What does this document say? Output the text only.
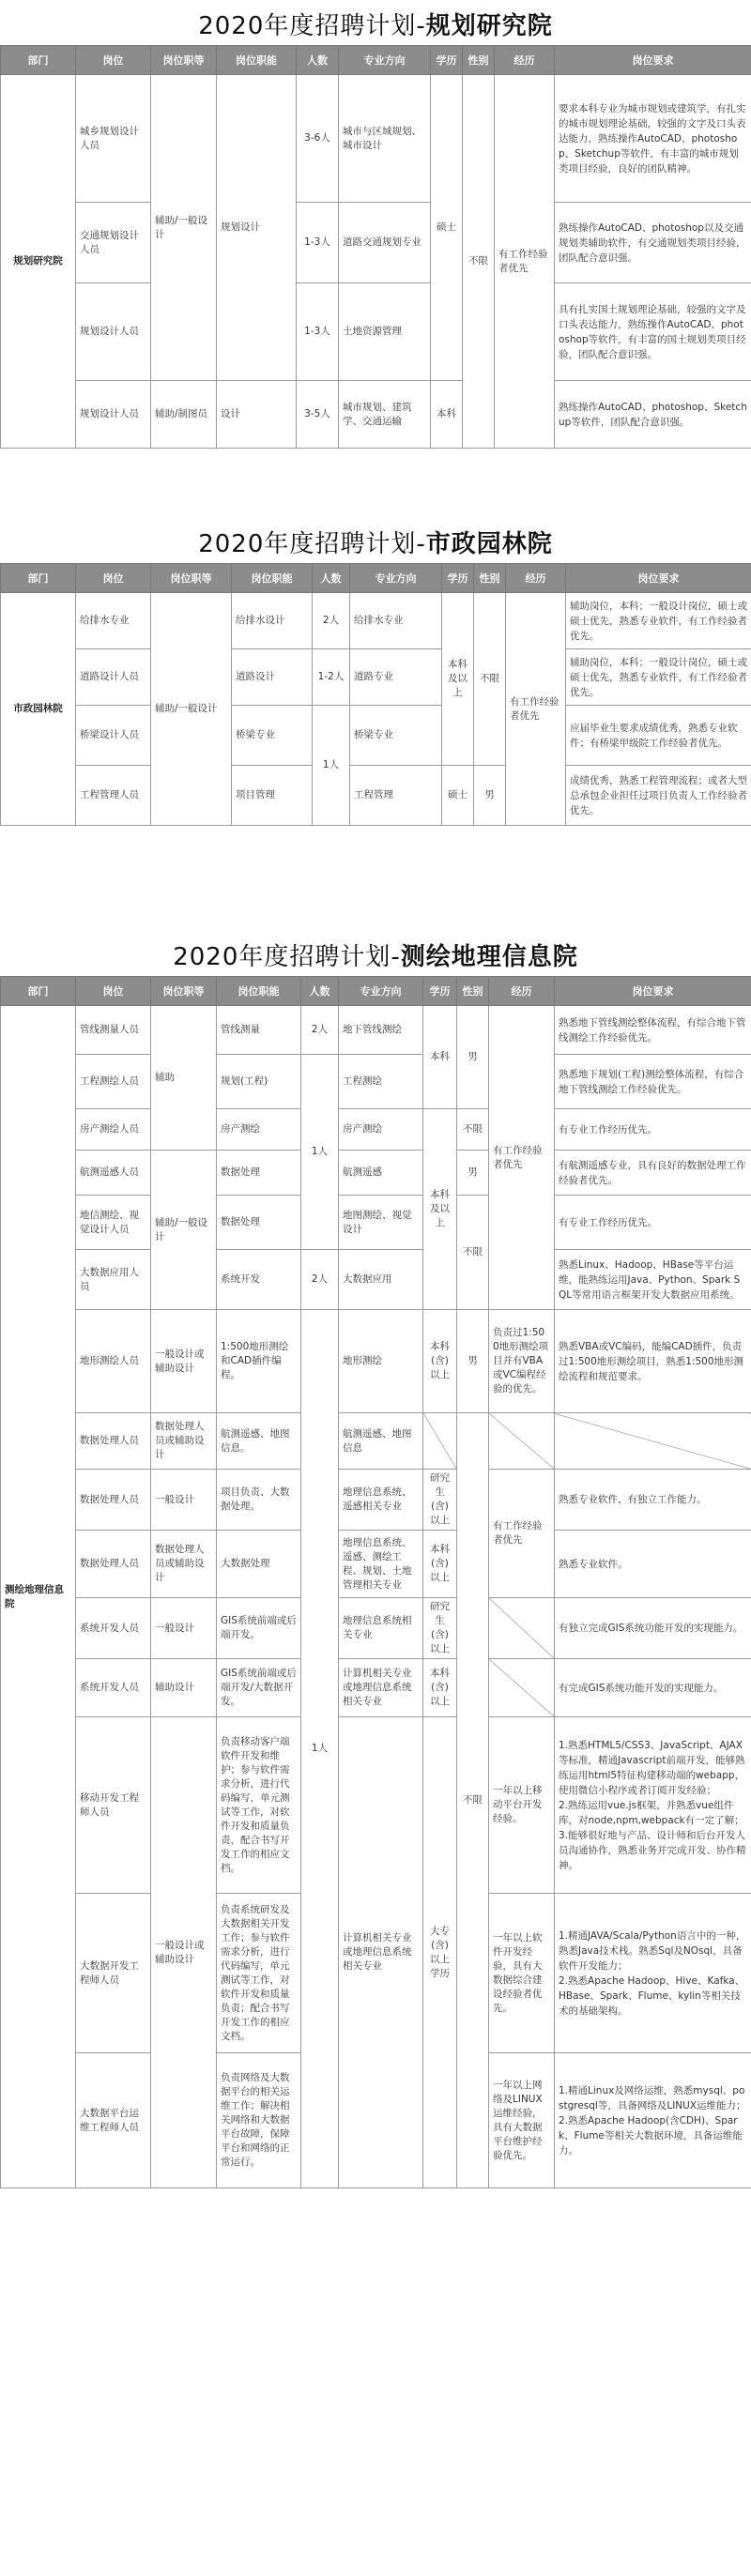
2020年度招聘计划-规划研究院
部门	岗位	岗位职等	岗位职能	人数	专业方向	学历	性别	经历	岗位要求
规划研究院	城乡规划设计人员	辅助/一般设计	规划设计	3-6人	城市与区域规划、城市设计	硕士	不限	有工作经验者优先	要求本科专业为城市规划或建筑学，有扎实的城市规划理论基础，较强的文字及口头表达能力，熟练操作AutoCAD、photoshop、Sketchup等软件，有丰富的城市规划类项目经验，良好的团队精神。
	交通规划设计人员			1-3人	道路交通规划专业				熟练操作AutoCAD、photoshop以及交通规划类辅助软件，有交通规划类项目经验，团队配合意识强。
	规划设计人员			1-3人	土地资源管理				具有扎实国土规划理论基础，较强的文字及口头表达能力，熟练操作AutoCAD、photoshop等软件，有丰富的国土规划类项目经验，团队配合意识强。
	规划设计人员	辅助/制图员	设计	3-5人	城市规划、建筑学、交通运输	本科			熟练操作AutoCAD、photoshop、Sketchup等软件，团队配合意识强。
2020年度招聘计划-市政园林院
部门	岗位	岗位职等	岗位职能	人数	专业方向	学历	性别	经历	岗位要求
市政园林院	给排水专业	辅助/一般设计	给排水设计	2人	给排水专业	本科及以上	不限	有工作经验者优先	辅助岗位，本科；一般设计岗位，硕士或硕士优先，熟悉专业软件，有工作经验者优先。
	道路设计人员		道路设计	1-2人	道路专业				辅助岗位，本科；一般设计岗位，硕士或硕士优先，熟悉专业软件，有工作经验者优先。
	桥梁设计人员		桥梁专业	1人	桥梁专业				应届毕业生要求成绩优秀，熟悉专业软件；有桥梁甲级院工作经验者优先。
	工程管理人员		项目管理		工程管理	硕士	男		成绩优秀，熟悉工程管理流程；或者大型总承包企业担任过项目负责人工作经验者优先。
2020年度招聘计划-测绘地理信息院
部门	岗位	岗位职等	岗位职能	人数	专业方向	学历	性别	经历	岗位要求
测绘地理信息院	管线测量人员	辅助	管线测量	2人	地下管线测绘	本科	男	有工作经验者优先	熟悉地下管线测绘整体流程，有综合地下管线测绘工作经验优先。
	工程测绘人员		规划(工程)	1人	工程测绘				熟悉地下规划(工程)测绘整体流程，有综合地下管线测绘工作经验优先。
	房产测绘人员		房产测绘		房产测绘	本科及以上	不限		有专业工作经历优先。
	航测遥感人员	辅助/一般设计	数据处理		航测遥感		男		有航测遥感专业，具有良好的数据处理工作经验者优先。
	地信测绘、视觉设计人员		数据处理		地图测绘、视觉设计		不限		有专业工作经历优先。
	大数据应用人员		系统开发	2人	大数据应用				熟悉Linux、Hadoop、HBase等平台运维，能熟练运用Java、Python、Spark SQL等常用语言框架开发大数据应用系统。
	地形测绘人员	一般设计或辅助设计	1:500地形测绘和CAD插件编程。	1人	地形测绘	本科(含)以上	男	负责过1:500地形测绘项目并有VBA或VC编程经验的优先。	熟悉VBA或VC编码，能编CAD插件，负责过1:500地形测绘项目，熟悉1:500地形测绘流程和规范要求。
	数据处理人员	数据处理人员或辅助设计	航测遥感、地图信息。		航测遥感、地图信息		不限		
	数据处理人员	一般设计	项目负责、大数据处理。		地理信息系统、遥感相关专业	研究生(含)以上		有工作经验者优先	熟悉专业软件、有独立工作能力。
	数据处理人员	数据处理人员或辅助设计	大数据处理		地理信息系统、遥感、测绘工程、规划、土地管理相关专业	本科(含)以上			熟悉专业软件。
	系统开发人员	一般设计	GIS系统前端或后端开发。		地理信息系统相关专业	研究生(含)以上			有独立完成GIS系统功能开发的实现能力。
	系统开发人员	辅助设计	GIS系统前端或后端开发/大数据开发。		计算机相关专业或地理信息系统相关专业	本科(含)以上			有完成GIS系统功能开发的实现能力。
	移动开发工程师人员	一般设计或辅助设计	负责移动客户端软件开发和维护；参与软件需求分析，进行代码编写，单元测试等工作，对软件开发和质量负责，配合书写开发工作的相应文档。		计算机相关专业或地理信息系统相关专业	大专(含)以上学历		一年以上移动平台开发经验。	1.熟悉HTML5/CSS3、JavaScript、AJAX等标准，精通Javascript前端开发，能够熟练运用html5特征构建移动端的webapp，使用微信小程序或者订阅开发经验；
2.熟练运用vue.js框架，并熟悉vue组件库，对node,npm,webpack有一定了解；
3.能够很好地与产品、设计师和后台开发人员沟通协作，熟悉业务并完成开发、协作精神。

	大数据开发工程师人员		负责系统研发及大数据相关开发工作；参与软件需求分析，进行代码编写，单元测试等工作，对软件开发和质量负责；配合书写开发工作的相应文档。					一年以上软件开发经验，具有大数据综合建设经验者优先。	1.精通JAVA/Scala/Python语言中的一种，熟悉Java技术栈。熟悉Sql及NOsql，具备软件开发能力；
2.熟悉Apache Hadoop、Hive、Kafka、HBase、Spark、Flume、kylin等相关技术的基础架构。

	大数据平台运维工程师人员		负责网络及大数据平台的相关运维工作；解决相关网络和大数据平台故障，保障平台和网络的正常运行。					一年以上网络及LINUX运维经验，具有大数据平台维护经验优先。	1.精通Linux及网络运维，熟悉mysql、postgresql等，具备网络及LINUX运维能力；
2.熟悉Apache Hadoop(含CDH)、Spark、Flume等相关大数据环境，具备运维能力。
